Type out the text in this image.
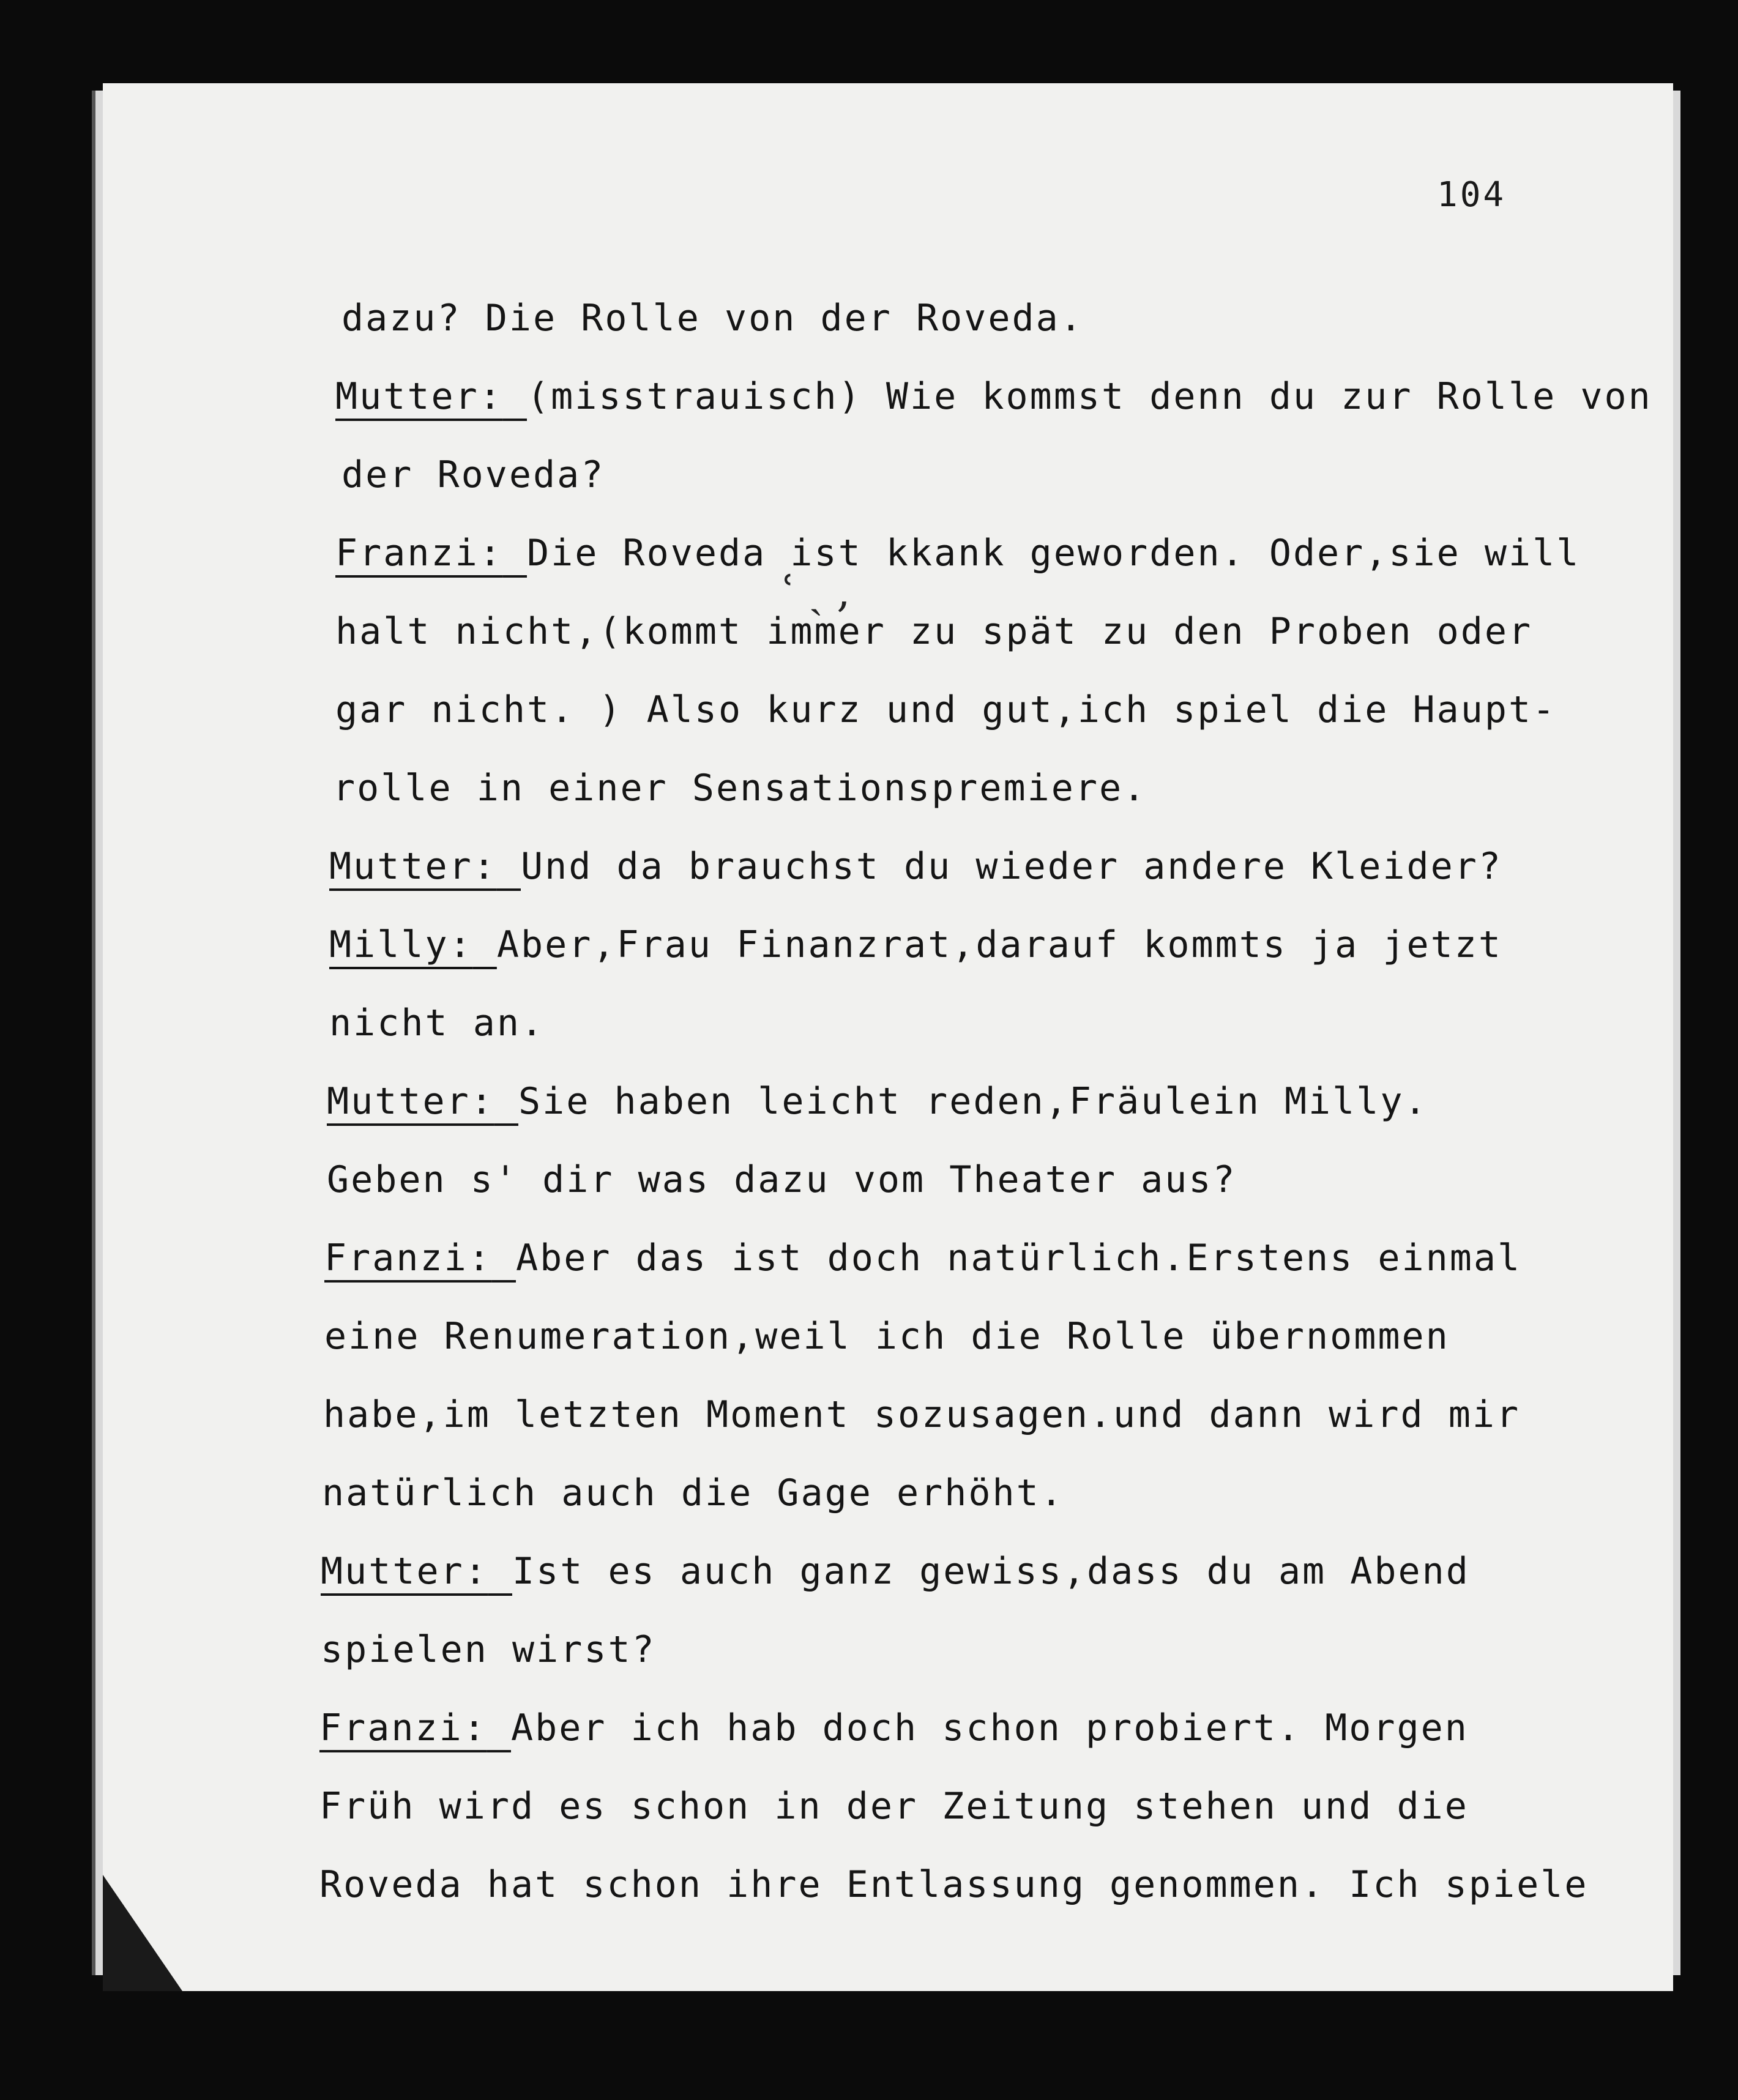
104
dazu? Die Rolle von der Roveda.
Mutter: (misstrauisch) Wie kommst denn du zur Rolle von
der Roveda?
Franzi: Die Roveda ist kkank geworden. Oder,sie will
halt nicht,(kommt immer zu spät zu den Proben oder
gar nicht. ) Also kurz und gut,ich spiel die Haupt-
rolle in einer Sensationspremiere.
Mutter: Und da brauchst du wieder andere Kleider?
Milly: Aber,Frau Finanzrat,darauf kommts ja jetzt
nicht an.
Mutter: Sie haben leicht reden,Fräulein Milly.
Geben s' dir was dazu vom Theater aus?
Franzi: Aber das ist doch natürlich.Erstens einmal
eine Renumeration,weil ich die Rolle übernommen
habe,im letzten Moment sozusagen.und dann wird mir
natürlich auch die Gage erhöht.
Mutter: Ist es auch ganz gewiss,dass du am Abend
spielen wirst?
Franzi: Aber ich hab doch schon probiert. Morgen
Früh wird es schon in der Zeitung stehen und die
Roveda hat schon ihre Entlassung genommen. Ich spiele
ʿ ˎ ,
